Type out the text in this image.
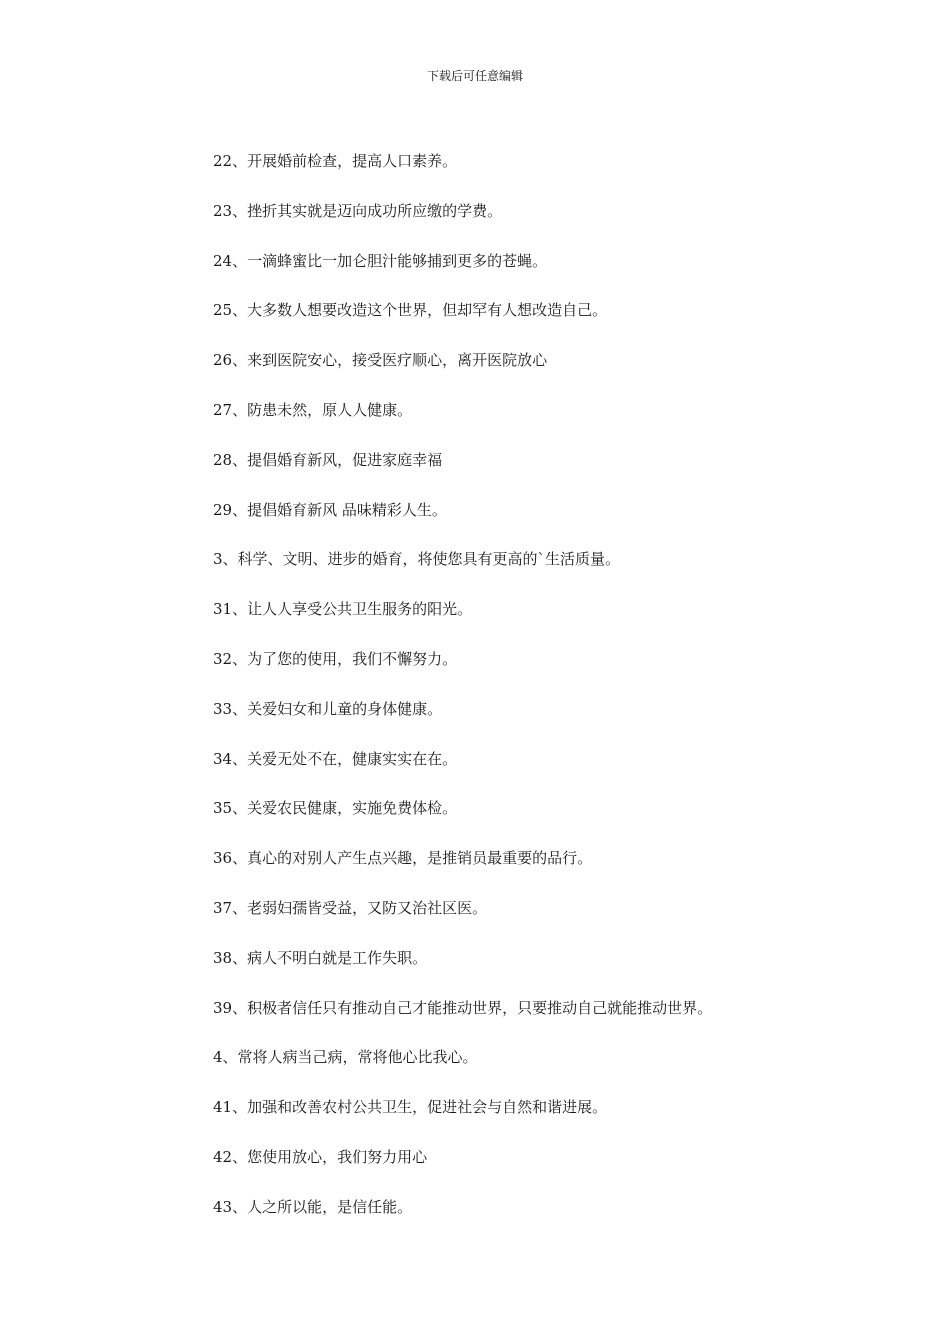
下载后可任意编辑
22、开展婚前检查，提高人口素养。
23、挫折其实就是迈向成功所应缴的学费。
24、一滴蜂蜜比一加仑胆汁能够捕到更多的苍蝇。
25、大多数人想要改造这个世界，但却罕有人想改造自己。
26、来到医院安心，接受医疗顺心，离开医院放心
27、防患未然，原人人健康。
28、提倡婚育新风，促进家庭幸福
29、提倡婚育新风 品味精彩人生。
3、科学、文明、进步的婚育，将使您具有更高的`生活质量。
31、让人人享受公共卫生服务的阳光。
32、为了您的使用，我们不懈努力。
33、关爱妇女和儿童的身体健康。
34、关爱无处不在，健康实实在在。
35、关爱农民健康，实施免费体检。
36、真心的对别人产生点兴趣，是推销员最重要的品行。
37、老弱妇孺皆受益，又防又治社区医。
38、病人不明白就是工作失职。
39、积极者信任只有推动自己才能推动世界，只要推动自己就能推动世界。
4、常将人病当己病，常将他心比我心。
41、加强和改善农村公共卫生，促进社会与自然和谐进展。
42、您使用放心，我们努力用心
43、人之所以能，是信任能。
